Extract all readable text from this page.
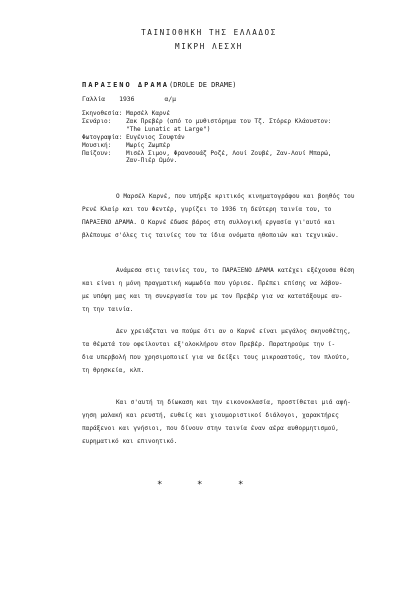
ΤΑΙΝΙΟΘΗΚΗ ΤΗΣ ΕΛΛΑΔΟΣ
ΜΙΚΡΗ ΛΕΣΧΗ
ΠΑΡΑΞΕΝΟ ΔΡΑΜΑ(DROLE DE DRAME)
Γαλλία 1936	α/μ
Σκηνοθεσία: Μαρσέλ Καρνέ
Σενάριο:	Ζακ Πρεβέρ (από το μυθιστόρημα του Τζ. Στόρερ Κλάουστον:
"The Lunatic at Large")
Φωτογραφία: Ευγένιος Σουφτάν
Μουσική:	Μωρίς Ζωμπέρ
Παίζουν:	Μισέλ Σιμον, Φρανσουάζ Ροζέ, Λουί Ζουβέ, Ζαν-Λουί Μπαρώ,
Ζαν-Πιέρ Ωμόν.
Ο Μαρσέλ Καρνέ, που υπήρξε κριτικός κινηματογράφου και βοηθός του
Ρενέ Κλαίρ και του Φεντέρ, γυρίζει το 1936 τη δεύτερη ταινία του, το
ΠΑΡΑΞΕΝΟ ΔΡΑΜΑ. Ο Καρνέ έδωσε βάρος στη συλλογική εργασία γι'αυτό και
βλέπουμε σ'όλες τις ταινίες του τα ίδια ονόματα ηθοποιών και τεχνικών.
Ανάμεσα στις ταινίες του, το ΠΑΡΑΞΕΝΟ ΔΡΑΜΑ κατέχει εξέχουσα θέση
και είναι η μόνη πραγματική κωμωδία που γύρισε. Πρέπει επίσης να λάβου-
με υπόψη μας και τη συνεργασία του με τον Πρεβέρ για να κατατάξουμε αυ-
τη την ταινία.
Δεν χρειάζεται να πούμε ότι αν ο Καρνέ είναι μεγάλος σκηνοθέτης,
τα θέματά του οφείλονται εξ'ολοκλήρου στον Πρεβέρ. Παρατηρούμε την ί-
δια υπερβολή που χρησιμοποιεί για να δείξει τους μικροαστούς, τον πλούτο,
τη θρησκεία, κλπ.
Και σ'αυτή τη δίωκαση και την εικονοκλασία, προστίθεται μιά αφή-
γηση μαλακή και ρευστή, ευθείς και χιουμοριστικοί διάλογοι, χαρακτήρες
παράξενοι και γνήσιοι, που δίνουν στην ταινία έναν αέρα αυθορμητισμού,
ευρηματικό και επινοητικό.
*	*	*
